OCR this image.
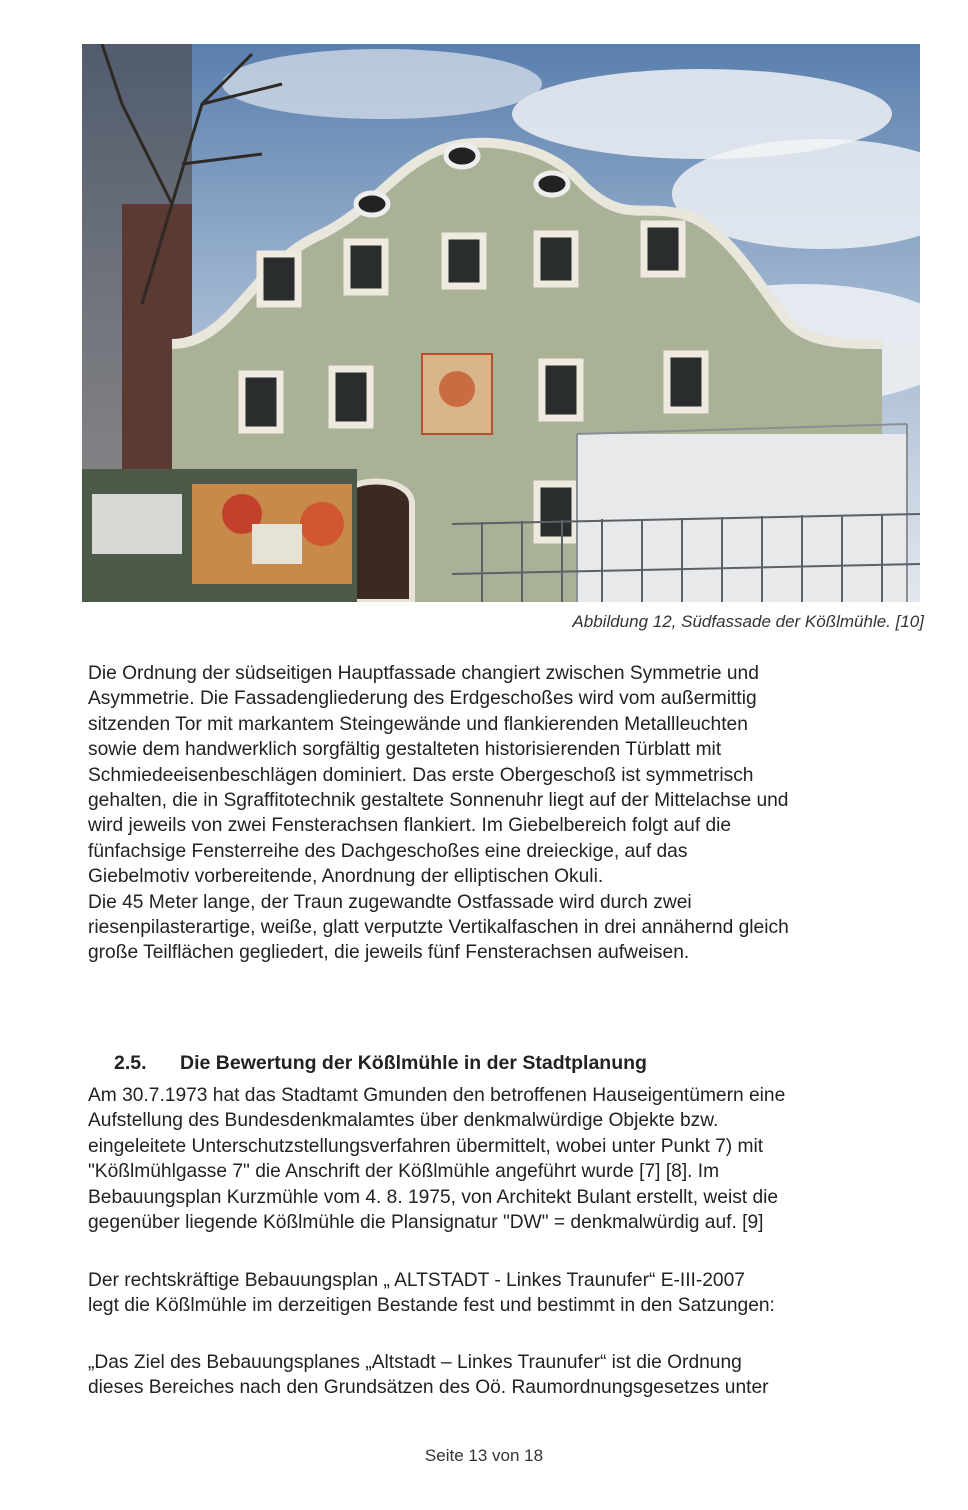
Abbildung 12, Südfassade der Kößlmühle. [10]
Die Ordnung der südseitigen Hauptfassade changiert zwischen Symmetrie und
Asymmetrie. Die Fassadengliederung des Erdgeschoßes wird vom außermittig
sitzenden Tor mit markantem Steingewände und flankierenden Metallleuchten
sowie dem handwerklich sorgfältig gestalteten historisierenden Türblatt mit
Schmiedeeisenbeschlägen dominiert. Das erste Obergeschoß ist symmetrisch
gehalten, die in Sgraffitotechnik gestaltete Sonnenuhr liegt auf der Mittelachse und
wird jeweils von zwei Fensterachsen flankiert. Im Giebelbereich folgt auf die
fünfachsige Fensterreihe des Dachgeschoßes eine dreieckige, auf das
Giebelmotiv vorbereitende, Anordnung der elliptischen Okuli.
Die 45 Meter lange, der Traun zugewandte Ostfassade wird durch zwei
riesenpilasterartige, weiße, glatt verputzte Vertikalfaschen in drei annähernd gleich
große Teilflächen gegliedert, die jeweils fünf Fensterachsen aufweisen.
2.5. Die Bewertung der Kößlmühle in der Stadtplanung
Am 30.7.1973 hat das Stadtamt Gmunden den betroffenen Hauseigentümern eine
Aufstellung des Bundesdenkmalamtes über denkmalwürdige Objekte bzw.
eingeleitete Unterschutzstellungsverfahren übermittelt, wobei unter Punkt 7) mit
"Kößlmühlgasse 7" die Anschrift der Kößlmühle angeführt wurde [7] [8]. Im
Bebauungsplan Kurzmühle vom 4. 8. 1975, von Architekt Bulant erstellt, weist die
gegenüber liegende Kößlmühle die Plansignatur "DW" = denkmalwürdig auf. [9]
Der rechtskräftige Bebauungsplan „ ALTSTADT - Linkes Traunufer“ E-III-2007
legt die Kößlmühle im derzeitigen Bestande fest und bestimmt in den Satzungen:
„Das Ziel des Bebauungsplanes „Altstadt – Linkes Traunufer“ ist die Ordnung
dieses Bereiches nach den Grundsätzen des Oö. Raumordnungsgesetzes unter
Seite 13 von 18
